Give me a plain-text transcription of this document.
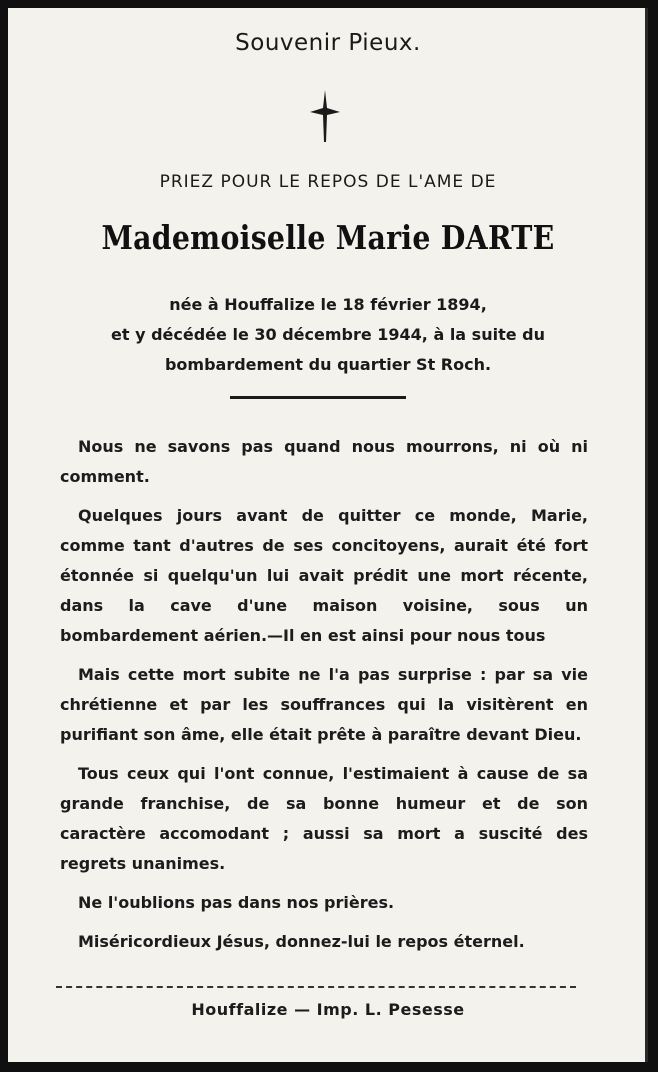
Souvenir Pieux.
PRIEZ POUR LE REPOS DE L'AME DE
Mademoiselle Marie DARTE
née à Houffalize le 18 février 1894,
et y décédée le 30 décembre 1944, à la suite du
bombardement du quartier St Roch.

Nous ne savons pas quand nous mourrons, ni où ni comment.

Quelques jours avant de quitter ce monde, Marie, comme tant d'autres de ses concitoyens, aurait été fort étonnée si quelqu'un lui avait prédit une mort récente, dans la cave d'une maison voisine, sous un bombardement aérien.—Il en est ainsi pour nous tous

Mais cette mort subite ne l'a pas surprise : par sa vie chrétienne et par les souffrances qui la visitèrent en purifiant son âme, elle était prête à paraître devant Dieu.

Tous ceux qui l'ont connue, l'estimaient à cause de sa grande franchise, de sa bonne humeur et de son caractère accomodant ; aussi sa mort a suscité des regrets unanimes.

Ne l'oublions pas dans nos prières.

Miséricordieux Jésus, donnez-lui le repos éternel.

Houffalize — Imp. L. Pesesse
